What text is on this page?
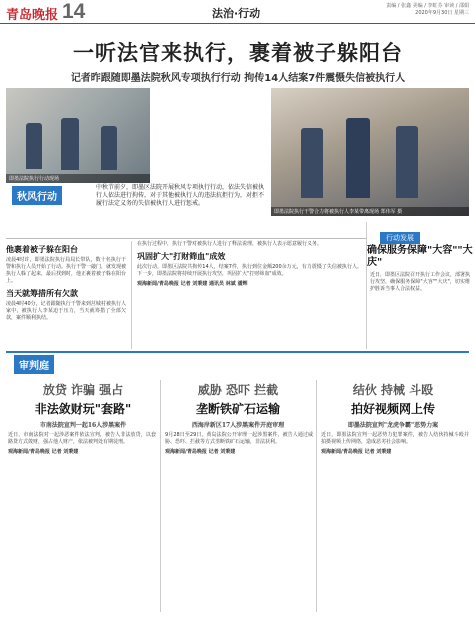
青岛晚报 14	法治·行动
责编 / 张鑫 美编 / 李虹芬 审读 / 邵娟
2020年9月30日 星期三
一听法官来执行，裹着被子躲阳台
记者昨跟随即墨法院秋风专项执行行动 拘传14人结案7件震慑失信被执行人
即墨法院执行行动现场
即墨法院执行干警合力将被执行人李某带离现场 郑伟军 摄
中秋节前夕，即墨区法院开展秋风专项执行行动，依法失信被执行人依法进行拘传，对于其他被执行人的违法抗拒行为，对拒不履行法定义务的失信被执行人进行惩戒。
秋风行动
他裹着被子躲在阳台
凌晨4时许，即墨法院执行局局长带队，数十名执行干警和执行人员开始了行动。执行干警一敲门，就发现被执行人躲了起来，最后找到时，他正裹着被子躲在阳台上。
当天就筹措所有欠款
凌晨4时40分，记者跟随执行干警来到莒城村被执行人家中，被执行人李某迫于压力，当天就筹措了全部欠款，案件顺利执结。
在执行过程中，执行干警对被执行人进行了释法说理，被执行人表示愿意履行义务。
巩固扩大"打财筛血"成效
此次行动，即墨区法院共拘传14人，结案7件，执行到位金额200余万元，有力震慑了失信被执行人。下一步，即墨法院将持续开展执行攻坚，巩固扩大"打财筛血"成效。
观海新闻/青岛晚报 记者 刘秉建 通讯员 林斌 潘辉
行动发展
确保服务保障"大容""大庆"
近日，即墨区法院召开执行工作会议，部署执行攻坚，确保服务保障"大容""大庆"，切实维护胜诉当事人合法权益。
审判庭
放贷 诈骗 强占
非法敛财玩"套路"
市南法院宣判一起16人涉黑案件
威胁 恐吓 拦截
垄断铁矿石运输
西海岸新区17人涉黑案件开庭审理
结伙 持械 斗殴
拍好视频网上传
即墨法院宣判"龙虎争霸"恶势力案
近日，市南法院对一起涉恶案件依法宣判，被告人非法放贷，以套路贷方式敛财，强占他人财产，依法被判处有期徒刑。
观海新闻/青岛晚报 记者 刘秉建
9月28日至29日，黄岛法院公开审理一起涉黑案件，被告人通过威胁、恐吓、拦截等方式垄断铁矿石运输，非法获利。
观海新闻/青岛晚报 记者 刘秉建
近日，即墨法院宣判一起恶势力犯罪案件，被告人结伙持械斗殴并拍摄视频上传网络，造成恶劣社会影响。
观海新闻/青岛晚报 记者 刘秉建
